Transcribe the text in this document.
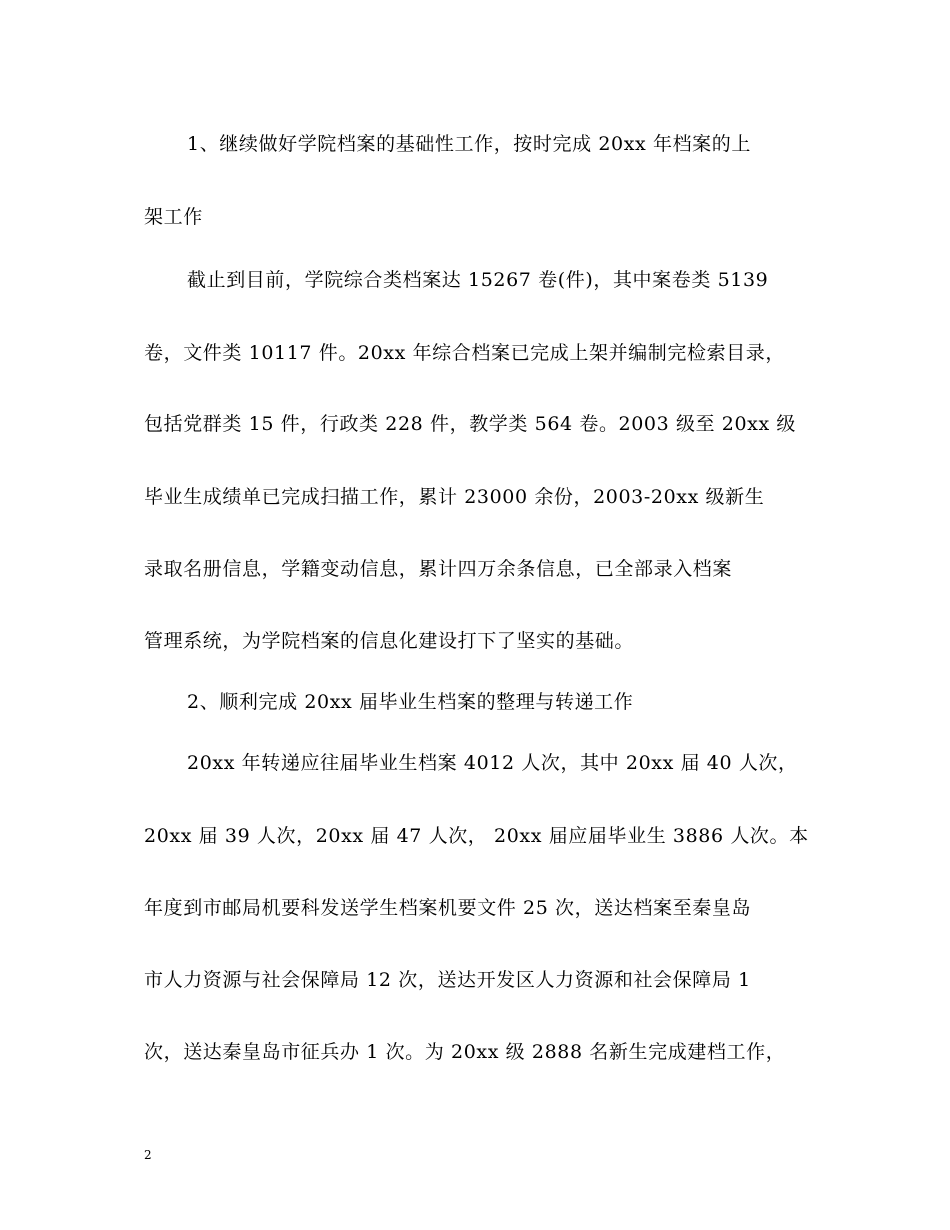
1、继续做好学院档案的基础性工作，按时完成 20xx 年档案的上
架工作
截止到目前，学院综合类档案达 15267 卷(件)，其中案卷类 5139
卷，文件类 10117 件。20xx 年综合档案已完成上架并编制完检索目录，
包括党群类 15 件，行政类 228 件，教学类 564 卷。2003 级至 20xx 级
毕业生成绩单已完成扫描工作，累计 23000 余份，2003-20xx 级新生
录取名册信息，学籍变动信息，累计四万余条信息，已全部录入档案
管理系统，为学院档案的信息化建设打下了坚实的基础。
2、顺利完成 20xx 届毕业生档案的整理与转递工作
20xx 年转递应往届毕业生档案 4012 人次，其中 20xx 届 40 人次，
20xx 届 39 人次，20xx 届 47 人次， 20xx 届应届毕业生 3886 人次。本
年度到市邮局机要科发送学生档案机要文件 25 次，送达档案至秦皇岛
市人力资源与社会保障局 12 次，送达开发区人力资源和社会保障局 1
次，送达秦皇岛市征兵办 1 次。为 20xx 级 2888 名新生完成建档工作，
2
